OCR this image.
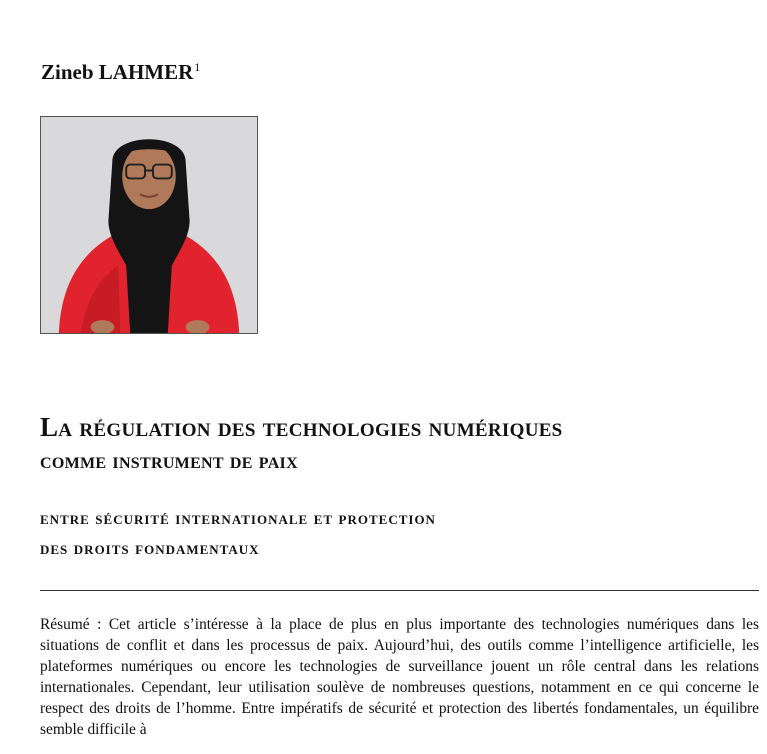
Zineb LAHMER$^1$
La régulation des technologies numériques
comme instrument de paix
entre sécurité internationale et protection
des droits fondamentaux

Résumé : Cet article s’intéresse à la place de plus en plus importante des technologies numériques dans les situations de conflit et dans les processus de paix. Aujourd’hui, des outils comme l’intelligence artificielle, les plateformes numériques ou encore les technologies de surveillance jouent un rôle central dans les relations internationales. Cependant, leur utilisation soulève de nombreuses questions, notamment en ce qui concerne le respect des droits de l’homme. Entre impératifs de sécurité et protection des libertés fondamentales, un équilibre semble difficile à
